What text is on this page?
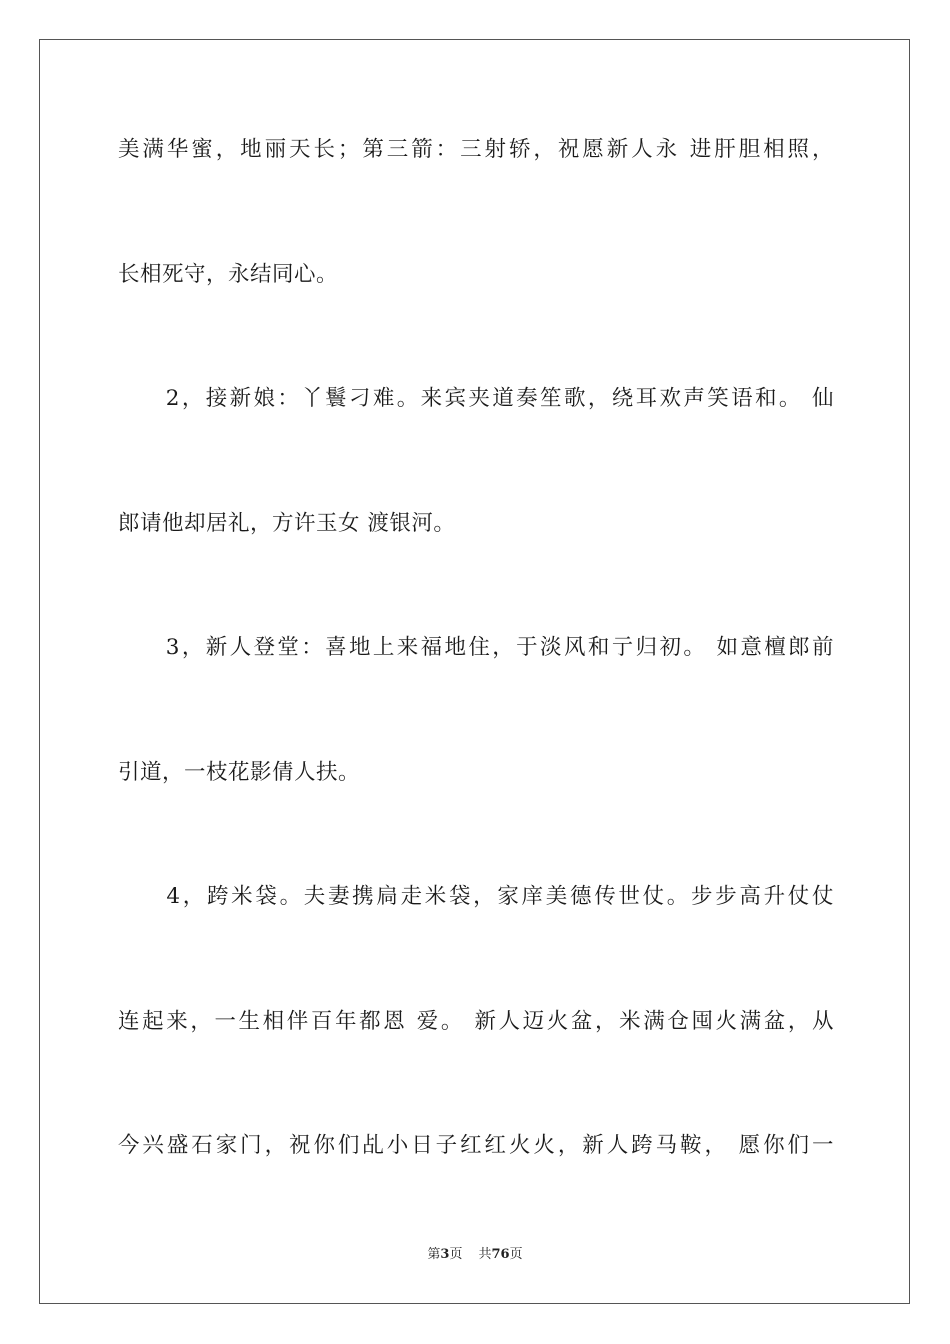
美满华蜜，地丽天长；第三箭：三射轿，祝愿新人永 进肝胆相照，
长相死守，永结同心。
　　2，接新娘：丫鬟刁难。来宾夹道奏笙歌，绕耳欢声笑语和。 仙
郎请他却居礼，方许玉女 渡银河。
　　3，新人登堂：喜地上来福地住，于淡风和亍归初。 如意檀郎前
引道，一枝花影倩人扶。
　　4，跨米袋。夫妻携扃走米袋，家庠美德传世仗。步步高升仗仗
连起来，一生相伴百年都恩 爱。 新人迈火盆，米满仓囤火满盆，从
今兴盛石家门，祝你们乩小日子红红火火，新人跨马鞍， 愿你们一
第3页 共76页
